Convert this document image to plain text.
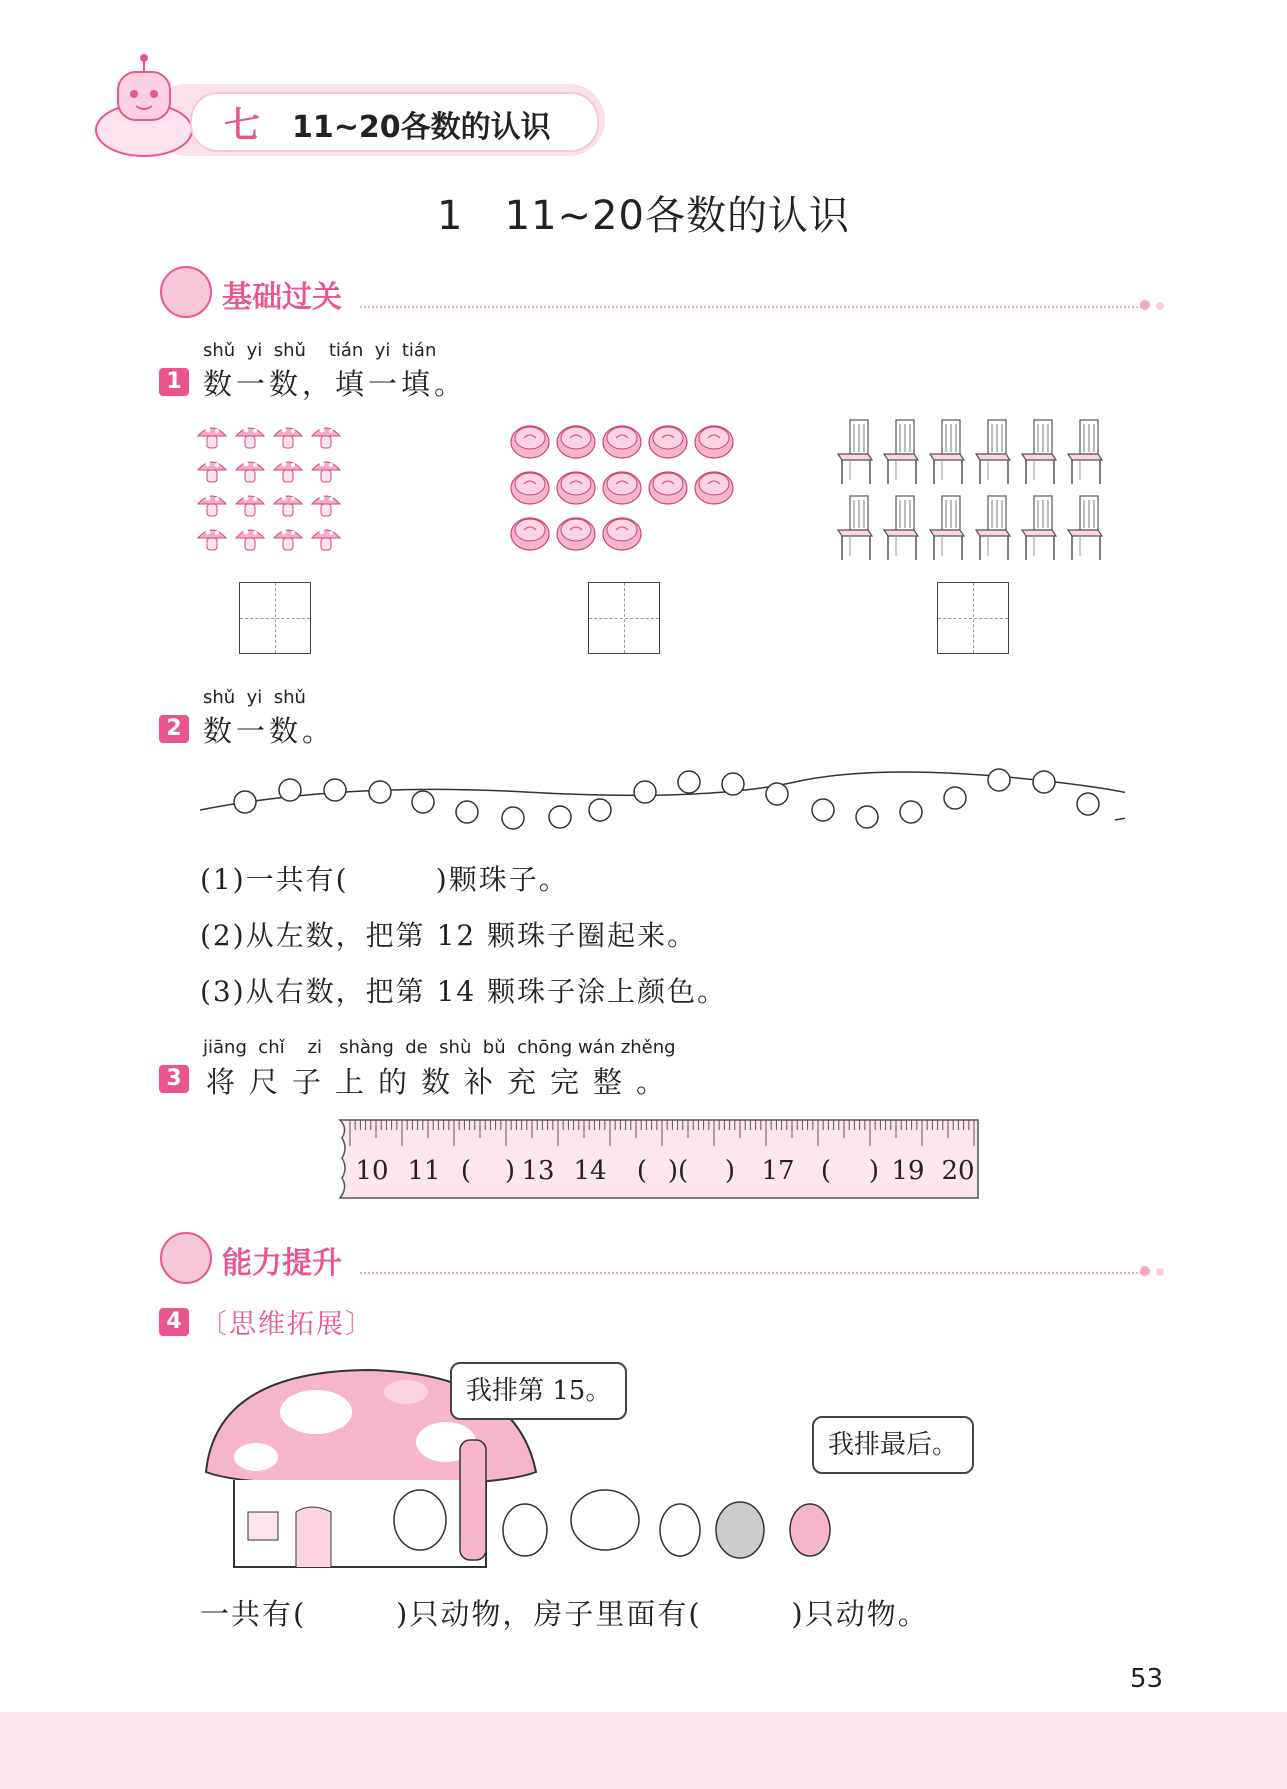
七 11~20各数的认识
1   11~20各数的认识
基础过关
shǔ  yi  shǔ    tián  yi  tián
1 数一数，填一填。
shǔ  yi  shǔ
2 数一数。
(1)一共有(        )颗珠子。
(2)从左数，把第 12 颗珠子圈起来。
(3)从右数，把第 14 颗珠子涂上颜色。
jiāng  chǐ    zi   shàng  de  shù  bǔ  chōng wán zhěng
3 将尺子上的数补充完整。
10 11 ( ) 13 14 ( )( ) 17 ( ) 19 20
能力提升
4 〔思维拓展〕
我排第 15。
我排最后。
一共有(        )只动物，房子里面有(        )只动物。
53
